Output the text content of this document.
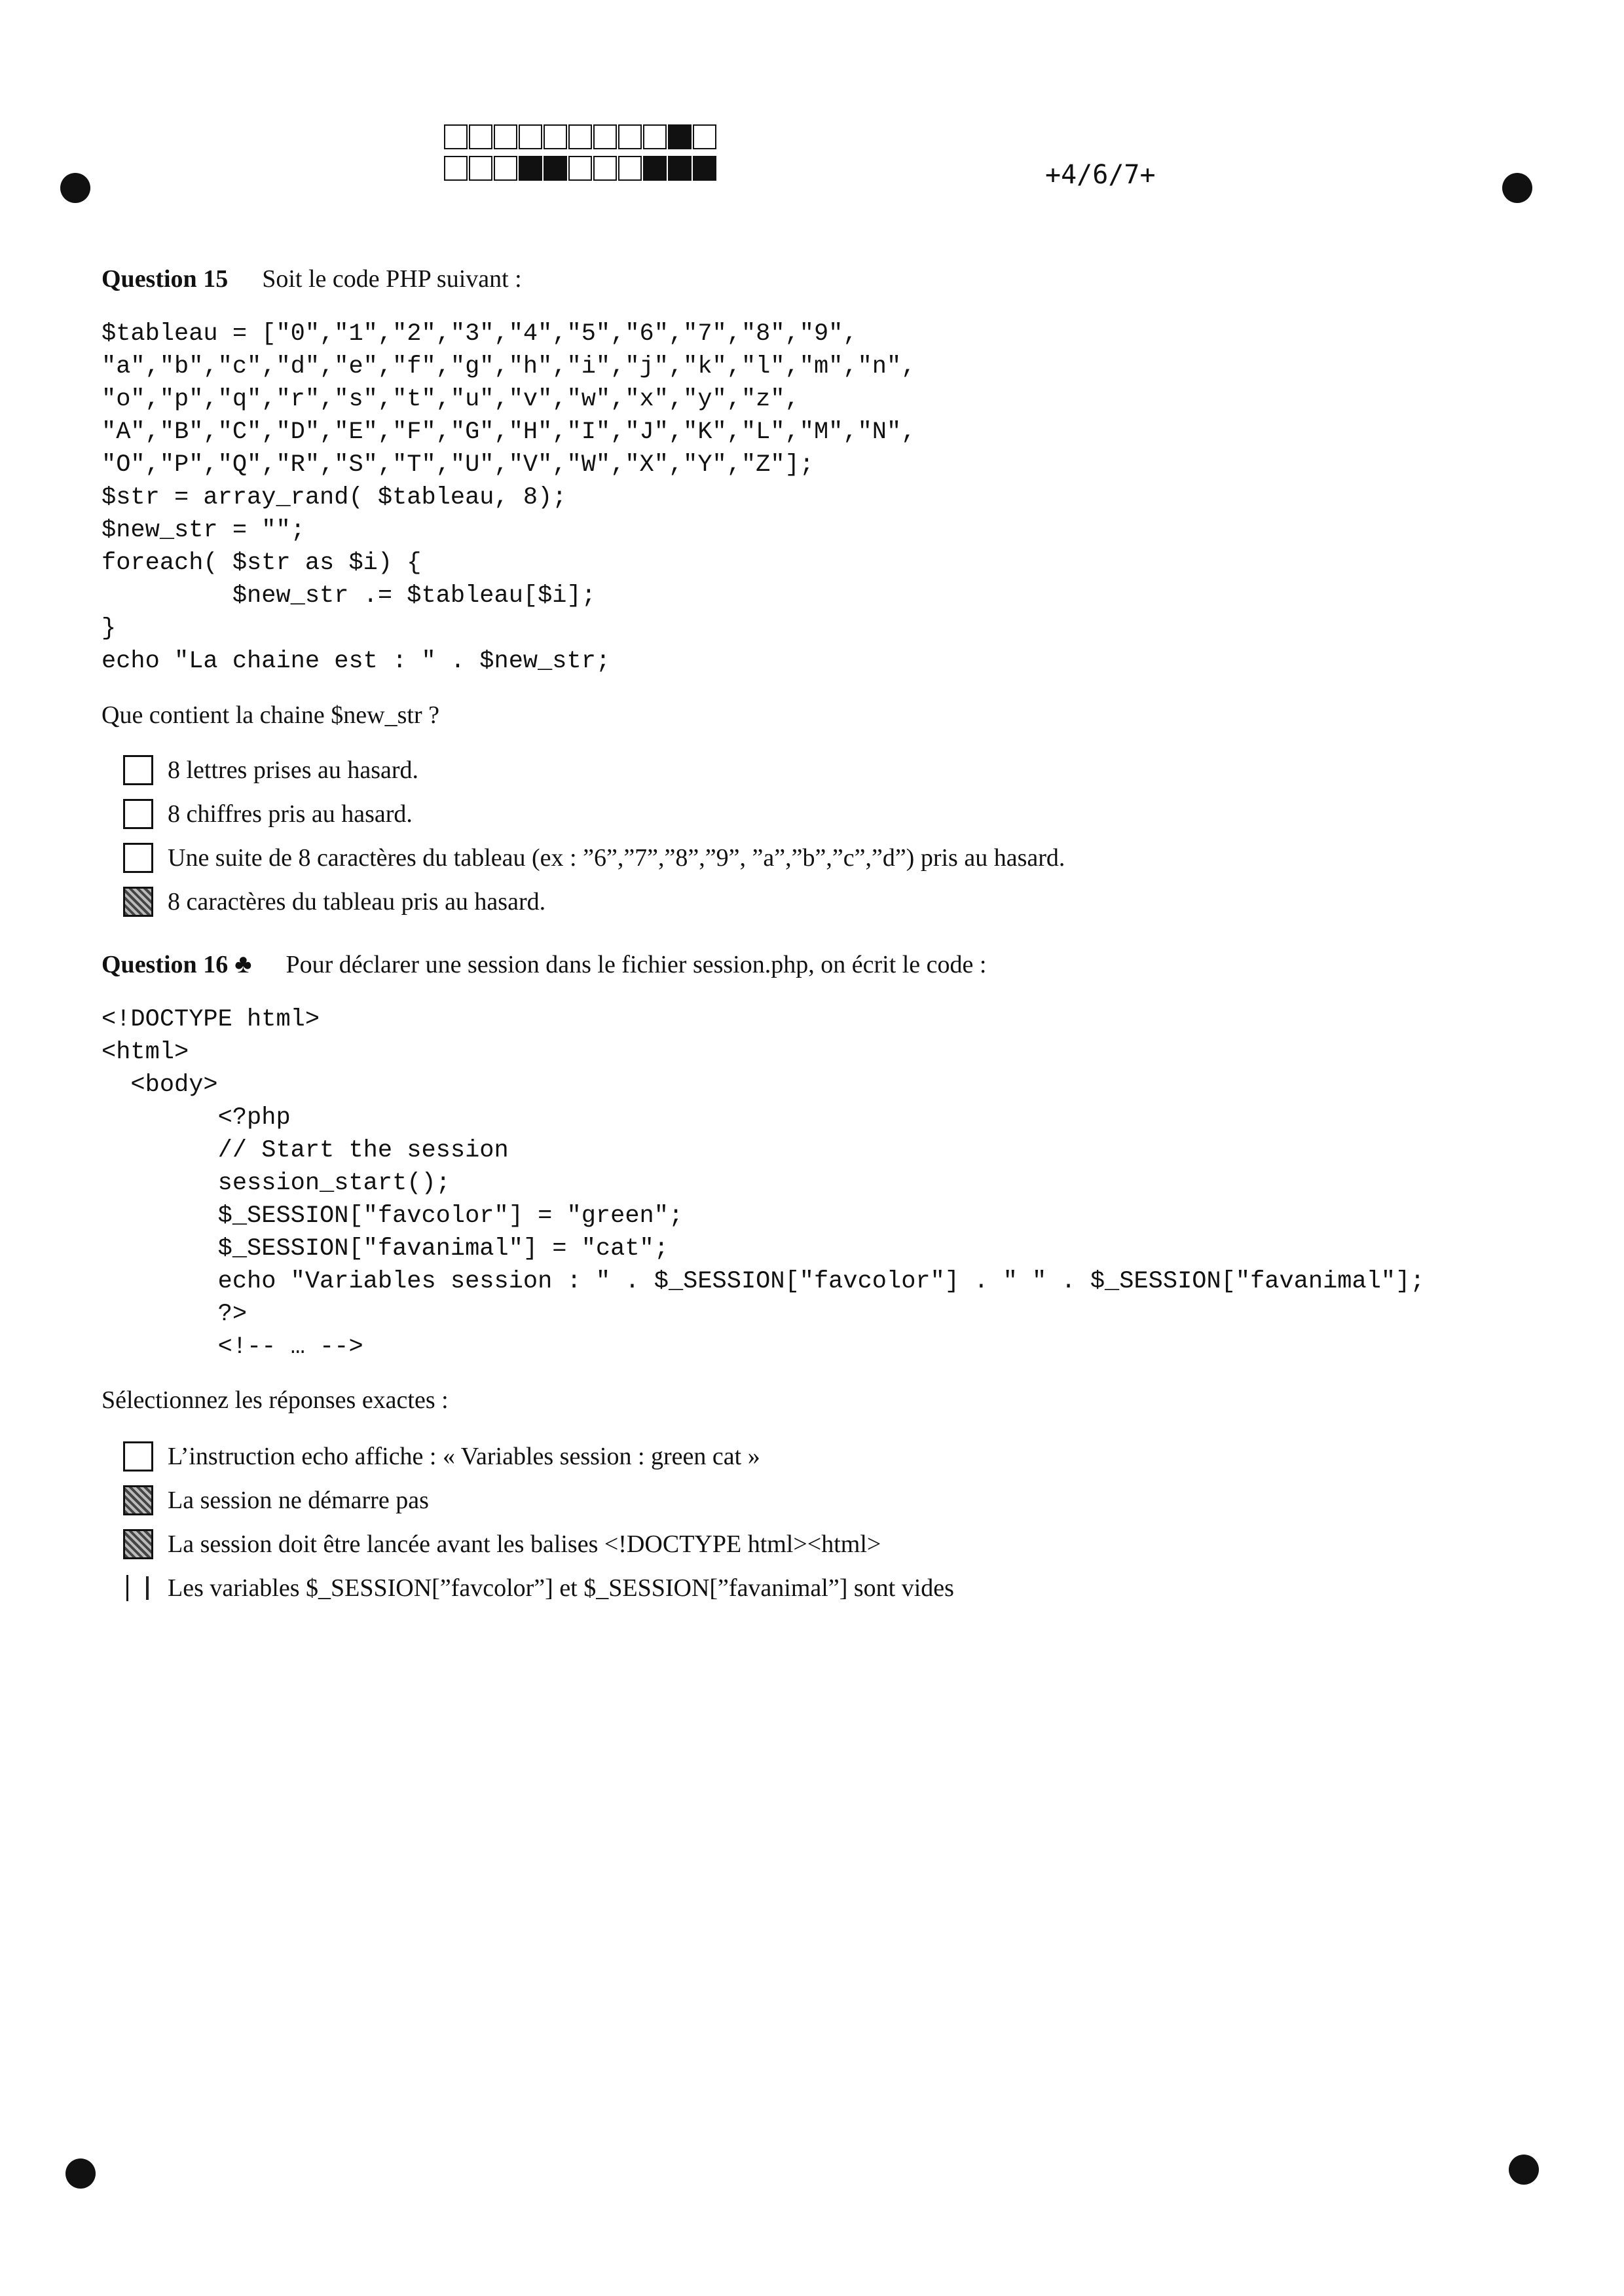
+4/6/7+
Question 15 Soit le code PHP suivant :
$tableau = ["0","1","2","3","4","5","6","7","8","9",
"a","b","c","d","e","f","g","h","i","j","k","l","m","n",
"o","p","q","r","s","t","u","v","w","x","y","z",
"A","B","C","D","E","F","G","H","I","J","K","L","M","N",
"O","P","Q","R","S","T","U","V","W","X","Y","Z"];
$str = array_rand( $tableau, 8);
$new_str = "";
foreach( $str as $i) {
$new_str .= $tableau[$i];
}
echo "La chaine est : " . $new_str;
Que contient la chaine $new_str ?
8 lettres prises au hasard.
8 chiffres pris au hasard.
Une suite de 8 caractères du tableau (ex : ”6”,”7”,”8”,”9”, ”a”,”b”,”c”,”d”) pris au hasard.
8 caractères du tableau pris au hasard.
Question 16 ♣ Pour déclarer une session dans le fichier session.php, on écrit le code :
<!DOCTYPE html>
<html>
<body>
<?php
// Start the session
session_start();
$_SESSION["favcolor"] = "green";
$_SESSION["favanimal"] = "cat";
echo "Variables session : " . $_SESSION["favcolor"] . " " . $_SESSION["favanimal"];
?>
<!-- … -->
Sélectionnez les réponses exactes :
L’instruction echo affiche : « Variables session : green cat »
La session ne démarre pas
La session doit être lancée avant les balises <!DOCTYPE html><html>
Les variables $_SESSION[”favcolor”] et $_SESSION[”favanimal”] sont vides
